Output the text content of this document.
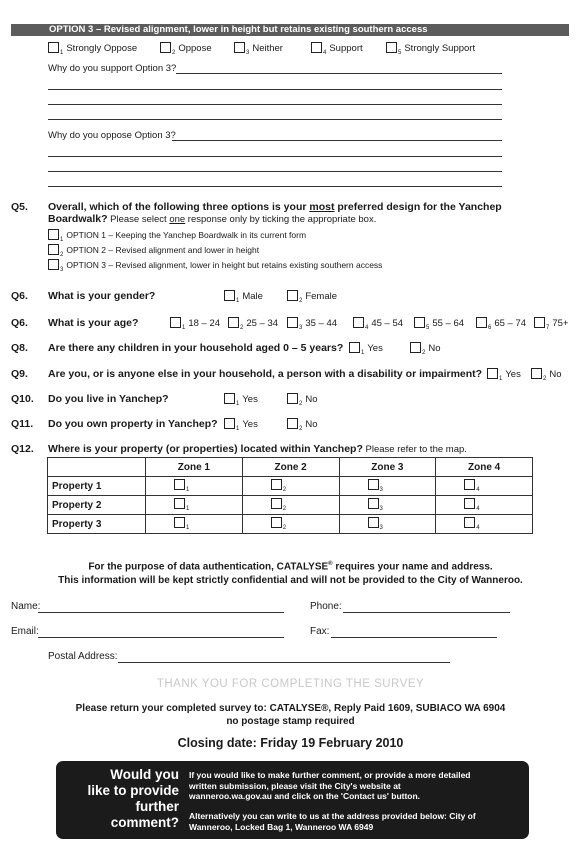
OPTION 3 – Revised alignment, lower in height but retains existing southern access
$_1$ Strongly Oppose	$_2$ Oppose	$_3$ Neither	$_4$ Support	$_5$ Strongly Support
Why do you support Option 3?
Why do you oppose Option 3?
Q5. Overall, which of the following three options is your most preferred design for the Yanchep
Boardwalk? Please select one response only by ticking the appropriate box.
$_1$ OPTION 1 – Keeping the Yanchep Boardwalk in its current form
$_2$ OPTION 2 – Revised alignment and lower in height
$_3$ OPTION 3 – Revised alignment, lower in height but retains existing southern access
Q6. What is your gender?	$_1$ Male	$_2$ Female
Q6. What is your age?	$_1$ 18 – 24	$_2$ 25 – 34	$_3$ 35 – 44	$_4$ 45 – 54	$_5$ 55 – 64	$_6$ 65 – 74	$_7$ 75+
Q8. Are there any children in your household aged 0 – 5 years?	$_1$ Yes	$_2$ No
Q9. Are you, or is anyone else in your household, a person with a disability or impairment?	$_1$ Yes	$_2$ No
Q10. Do you live in Yanchep?	$_1$ Yes	$_2$ No
Q11. Do you own property in Yanchep?	$_1$ Yes	$_2$ No
Q12. Where is your property (or properties) located within Yanchep? Please refer to the map.
	Zone 1	Zone 2	Zone 3	Zone 4
Property 1	$_1$	$_2$	$_3$	$_4$
Property 2	$_1$	$_2$	$_3$	$_4$
Property 3	$_1$	$_2$	$_3$	$_4$
For the purpose of data authentication, CATALYSE® requires your name and address.
This information will be kept strictly confidential and will not be provided to the City of Wanneroo.
Name:	Phone:
Email:	Fax:
Postal Address:
THANK YOU FOR COMPLETING THE SURVEY
Please return your completed survey to: CATALYSE®, Reply Paid 1609, SUBIACO WA 6904
no postage stamp required
Closing date: Friday 19 February 2010
Would you
like to provide
further
comment?
If you would like to make further comment, or provide a more detailed written submission, please visit the City's website at wanneroo.wa.gov.au and click on the 'Contact us' button.
Alternatively you can write to us at the address provided below: City of Wanneroo, Locked Bag 1, Wanneroo WA 6949
